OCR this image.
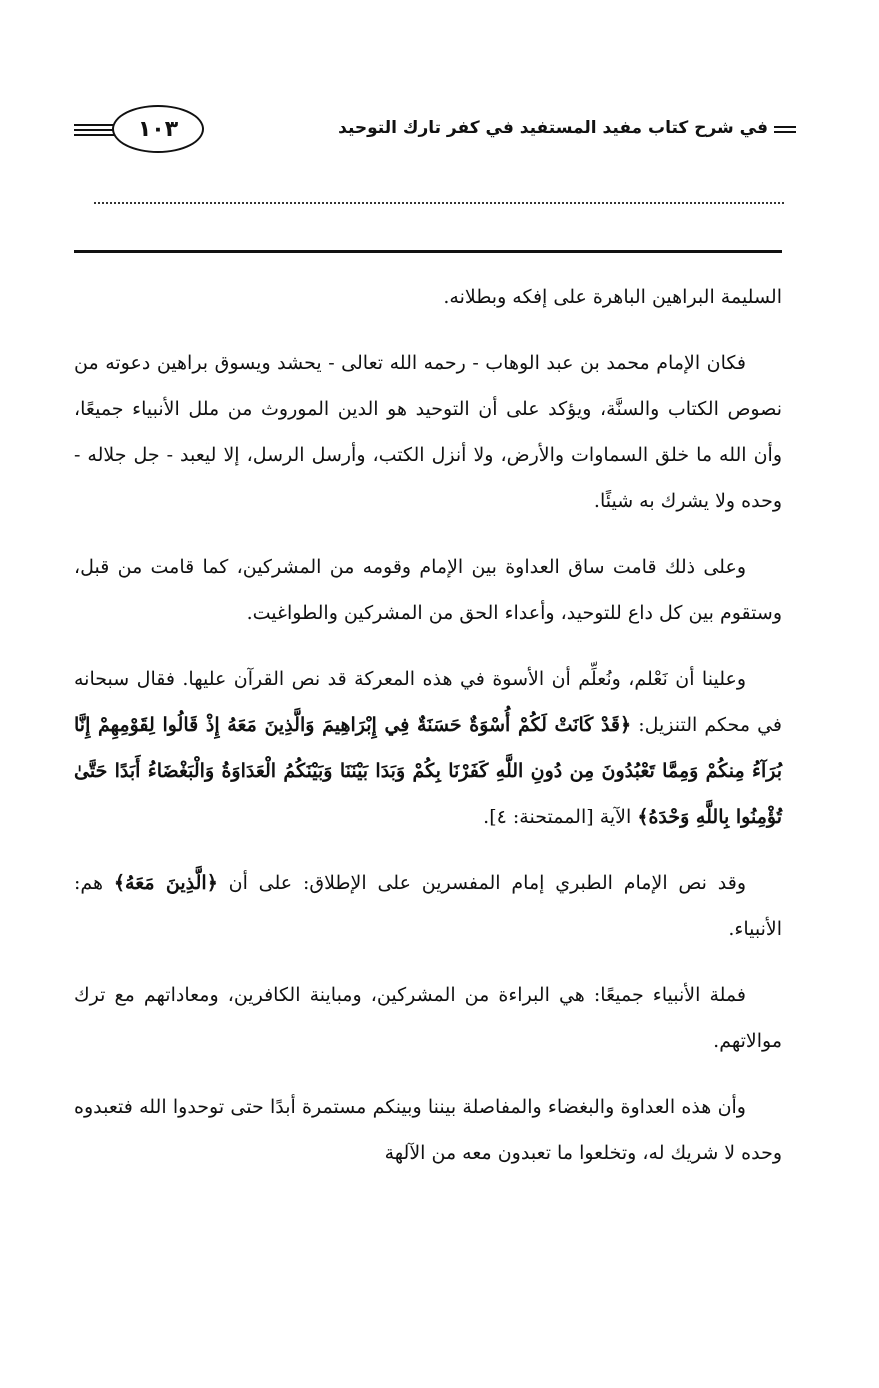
في شرح كتاب مفيد المستفيد في كفر تارك التوحيد
١٠٣

السليمة البراهين الباهرة على إفكه وبطلانه.

فكان الإمام محمد بن عبد الوهاب - رحمه الله تعالى - يحشد ويسوق براهين دعوته من نصوص الكتاب والسنَّة، ويؤكد على أن التوحيد هو الدين الموروث من ملل الأنبياء جميعًا، وأن الله ما خلق السماوات والأرض، ولا أنزل الكتب، وأرسل الرسل، إلا ليعبد - جل جلاله - وحده ولا يشرك به شيئًا.

وعلى ذلك قامت ساق العداوة بين الإمام وقومه من المشركين، كما قامت من قبل، وستقوم بين كل داع للتوحيد، وأعداء الحق من المشركين والطواغيت.

وعلينا أن نَعْلم، ونُعلِّم أن الأسوة في هذه المعركة قد نص القرآن عليها. فقال سبحانه في محكم التنزيل: ﴿قَدْ كَانَتْ لَكُمْ أُسْوَةٌ حَسَنَةٌ فِي إِبْرَاهِيمَ وَالَّذِينَ مَعَهُ إِذْ قَالُوا لِقَوْمِهِمْ إِنَّا بُرَآءُ مِنكُمْ وَمِمَّا تَعْبُدُونَ مِن دُونِ اللَّهِ كَفَرْنَا بِكُمْ وَبَدَا بَيْنَنَا وَبَيْنَكُمُ الْعَدَاوَةُ وَالْبَغْضَاءُ أَبَدًا حَتَّىٰ تُؤْمِنُوا بِاللَّهِ وَحْدَهُ﴾ الآية [الممتحنة: ٤].

وقد نص الإمام الطبري إمام المفسرين على الإطلاق: على أن ﴿الَّذِينَ مَعَهُ﴾ هم: الأنبياء.

فملة الأنبياء جميعًا: هي البراءة من المشركين، ومباينة الكافرين، ومعاداتهم مع ترك موالاتهم.

وأن هذه العداوة والبغضاء والمفاصلة بيننا وبينكم مستمرة أبدًا حتى توحدوا الله فتعبدوه وحده لا شريك له، وتخلعوا ما تعبدون معه من الآلهة
